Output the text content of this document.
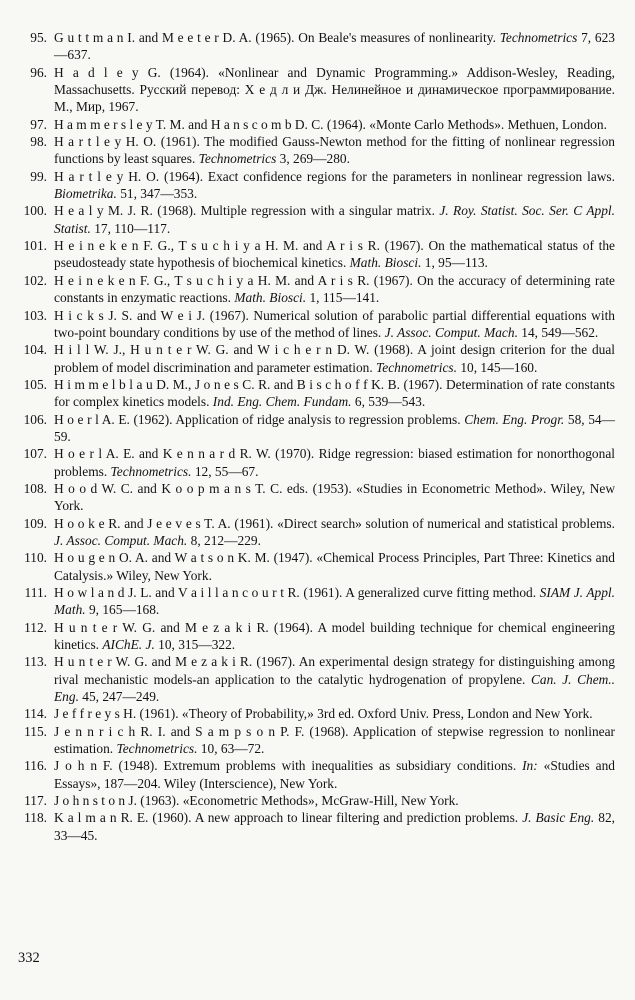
95. G u t t m a n I. and M e e t e r D. A. (1965). On Beale's measures of nonlinearity. Technometrics 7, 623—637.
96. H a d l e y G. (1964). «Nonlinear and Dynamic Programming.» Addison-Wesley, Reading, Massachusetts. Русский перевод: Х е д л и Дж. Нелинейное и динамическое программирование. М., Мир, 1967.
97. H a m m e r s l e y T. M. and H a n s c o m b D. C. (1964). «Monte Carlo Methods». Methuen, London.
98. H a r t l e y H. O. (1961). The modified Gauss-Newton method for the fitting of nonlinear regression functions by least squares. Technometrics 3, 269—280.
99. H a r t l e y H. O. (1964). Exact confidence regions for the parameters in nonlinear regression laws. Biometrika. 51, 347—353.
100. H e a l y M. J. R. (1968). Multiple regression with a singular matrix. J. Roy. Statist. Soc. Ser. C Appl. Statist. 17, 110—117.
101. H e i n e k e n F. G., T s u c h i y a H. M. and A r i s R. (1967). On the mathematical status of the pseudosteady state hypothesis of biochemical kinetics. Math. Biosci. 1, 95—113.
102. H e i n e k e n F. G., T s u c h i y a H. M. and A r i s R. (1967). On the accuracy of determining rate constants in enzymatic reactions. Math. Biosci. 1, 115—141.
103. H i c k s J. S. and W e i J. (1967). Numerical solution of parabolic partial differential equations with two-point boundary conditions by use of the method of lines. J. Assoc. Comput. Mach. 14, 549—562.
104. H i l l W. J., H u n t e r W. G. and W i c h e r n D. W. (1968). A joint design criterion for the dual problem of model discrimination and parameter estimation. Technometrics. 10, 145—160.
105. H i m m e l b l a u D. M., J o n e s C. R. and B i s c h o f f K. B. (1967). Determination of rate constants for complex kinetics models. Ind. Eng. Chem. Fundam. 6, 539—543.
106. H o e r l A. E. (1962). Application of ridge analysis to regression problems. Chem. Eng. Progr. 58, 54—59.
107. H o e r l A. E. and K e n n a r d R. W. (1970). Ridge regression: biased estimation for nonorthogonal problems. Technometrics. 12, 55—67.
108. H o o d W. C. and K o o p m a n s T. C. eds. (1953). «Studies in Econometric Method». Wiley, New York.
109. H o o k e R. and J e e v e s T. A. (1961). «Direct search» solution of numerical and statistical problems. J. Assoc. Comput. Mach. 8, 212—229.
110. H o u g e n O. A. and W a t s o n K. M. (1947). «Chemical Process Principles, Part Three: Kinetics and Catalysis.» Wiley, New York.
111. H o w l a n d J. L. and V a i l l a n c o u r t R. (1961). A generalized curve fitting method. SIAM J. Appl. Math. 9, 165—168.
112. H u n t e r W. G. and M e z a k i R. (1964). A model building technique for chemical engineering kinetics. AIChE. J. 10, 315—322.
113. H u n t e r W. G. and M e z a k i R. (1967). An experimental design strategy for distinguishing among rival mechanistic models-an application to the catalytic hydrogenation of propylene. Can. J. Chem.. Eng. 45, 247—249.
114. J e f f r e y s H. (1961). «Theory of Probability,» 3rd ed. Oxford Univ. Press, London and New York.
115. J e n n r i c h R. I. and S a m p s o n P. F. (1968). Application of stepwise regression to nonlinear estimation. Technometrics. 10, 63—72.
116. J o h n F. (1948). Extremum problems with inequalities as subsidiary conditions. In: «Studies and Essays», 187—204. Wiley (Interscience), New York.
117. J o h n s t o n J. (1963). «Econometric Methods», McGraw-Hill, New York.
118. K a l m a n R. E. (1960). A new approach to linear filtering and prediction problems. J. Basic Eng. 82, 33—45.
332
